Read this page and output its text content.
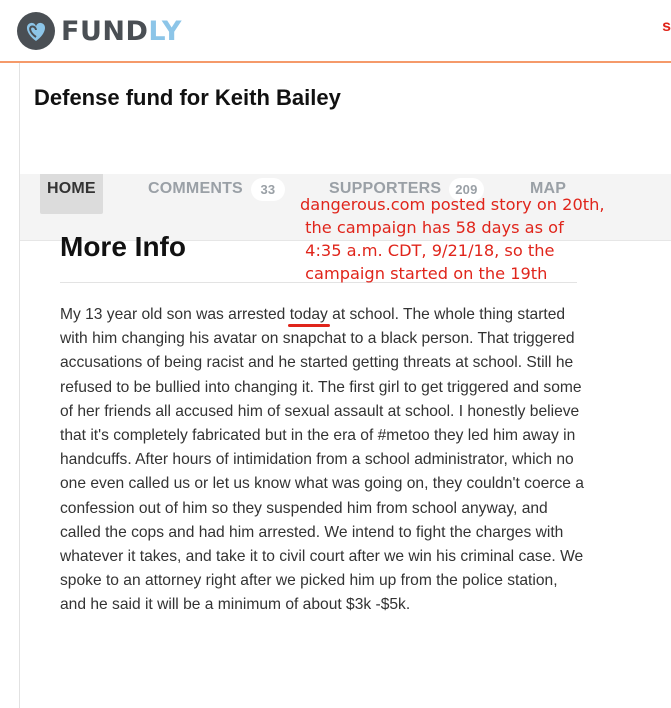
FUNDLY	s
Defense fund for Keith Bailey
HOME	COMMENTS	33	SUPPORTERS	209	MAP
More Info

My 13 year old son was arrested today at school. The whole thing started with him changing his avatar on snapchat to a black person. That triggered accusations of being racist and he started getting threats at school. Still he refused to be bullied into changing it. The first girl to get triggered and some of her friends all accused him of sexual assault at school. I honestly believe that it's completely fabricated but in the era of #metoo they led him away in handcuffs. After hours of intimidation from a school administrator, which no one even called us or let us know what was going on, they couldn't coerce a confession out of him so they suspended him from school anyway, and called the cops and had him arrested. We intend to fight the charges with whatever it takes, and take it to civil court after we win his criminal case. We spoke to an attorney right after we picked him up from the police station, and he said it will be a minimum of about $3k -$5k.

dangerous.com posted story on 20th,
the campaign has 58 days as of
4:35 a.m. CDT, 9/21/18, so the
campaign started on the 19th
